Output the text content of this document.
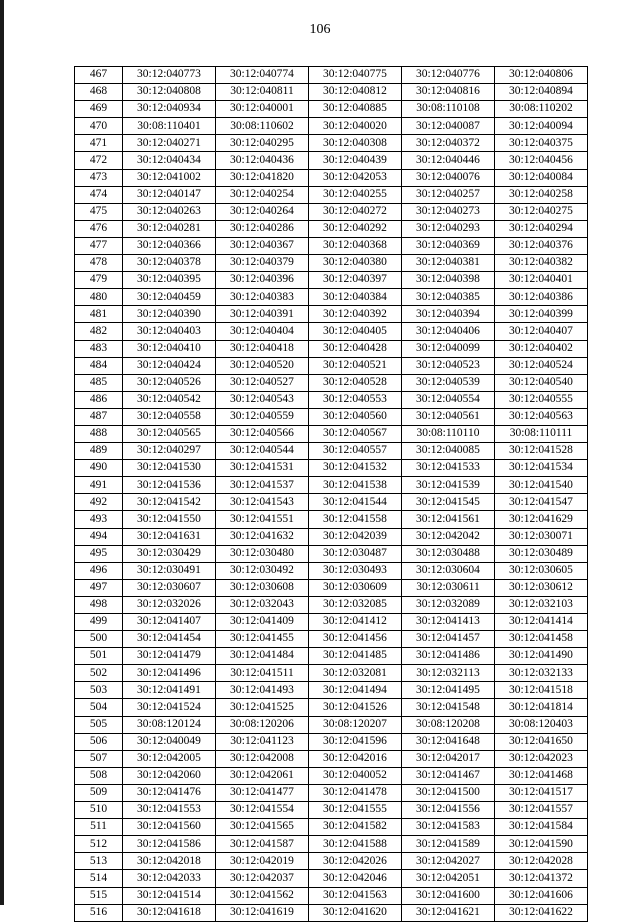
106
467	30:12:040773	30:12:040774	30:12:040775	30:12:040776	30:12:040806
468	30:12:040808	30:12:040811	30:12:040812	30:12:040816	30:12:040894
469	30:12:040934	30:12:040001	30:12:040885	30:08:110108	30:08:110202
470	30:08:110401	30:08:110602	30:12:040020	30:12:040087	30:12:040094
471	30:12:040271	30:12:040295	30:12:040308	30:12:040372	30:12:040375
472	30:12:040434	30:12:040436	30:12:040439	30:12:040446	30:12:040456
473	30:12:041002	30:12:041820	30:12:042053	30:12:040076	30:12:040084
474	30:12:040147	30:12:040254	30:12:040255	30:12:040257	30:12:040258
475	30:12:040263	30:12:040264	30:12:040272	30:12:040273	30:12:040275
476	30:12:040281	30:12:040286	30:12:040292	30:12:040293	30:12:040294
477	30:12:040366	30:12:040367	30:12:040368	30:12:040369	30:12:040376
478	30:12:040378	30:12:040379	30:12:040380	30:12:040381	30:12:040382
479	30:12:040395	30:12:040396	30:12:040397	30:12:040398	30:12:040401
480	30:12:040459	30:12:040383	30:12:040384	30:12:040385	30:12:040386
481	30:12:040390	30:12:040391	30:12:040392	30:12:040394	30:12:040399
482	30:12:040403	30:12:040404	30:12:040405	30:12:040406	30:12:040407
483	30:12:040410	30:12:040418	30:12:040428	30:12:040099	30:12:040402
484	30:12:040424	30:12:040520	30:12:040521	30:12:040523	30:12:040524
485	30:12:040526	30:12:040527	30:12:040528	30:12:040539	30:12:040540
486	30:12:040542	30:12:040543	30:12:040553	30:12:040554	30:12:040555
487	30:12:040558	30:12:040559	30:12:040560	30:12:040561	30:12:040563
488	30:12:040565	30:12:040566	30:12:040567	30:08:110110	30:08:110111
489	30:12:040297	30:12:040544	30:12:040557	30:12:040085	30:12:041528
490	30:12:041530	30:12:041531	30:12:041532	30:12:041533	30:12:041534
491	30:12:041536	30:12:041537	30:12:041538	30:12:041539	30:12:041540
492	30:12:041542	30:12:041543	30:12:041544	30:12:041545	30:12:041547
493	30:12:041550	30:12:041551	30:12:041558	30:12:041561	30:12:041629
494	30:12:041631	30:12:041632	30:12:042039	30:12:042042	30:12:030071
495	30:12:030429	30:12:030480	30:12:030487	30:12:030488	30:12:030489
496	30:12:030491	30:12:030492	30:12:030493	30:12:030604	30:12:030605
497	30:12:030607	30:12:030608	30:12:030609	30:12:030611	30:12:030612
498	30:12:032026	30:12:032043	30:12:032085	30:12:032089	30:12:032103
499	30:12:041407	30:12:041409	30:12:041412	30:12:041413	30:12:041414
500	30:12:041454	30:12:041455	30:12:041456	30:12:041457	30:12:041458
501	30:12:041479	30:12:041484	30:12:041485	30:12:041486	30:12:041490
502	30:12:041496	30:12:041511	30:12:032081	30:12:032113	30:12:032133
503	30:12:041491	30:12:041493	30:12:041494	30:12:041495	30:12:041518
504	30:12:041524	30:12:041525	30:12:041526	30:12:041548	30:12:041814
505	30:08:120124	30:08:120206	30:08:120207	30:08:120208	30:08:120403
506	30:12:040049	30:12:041123	30:12:041596	30:12:041648	30:12:041650
507	30:12:042005	30:12:042008	30:12:042016	30:12:042017	30:12:042023
508	30:12:042060	30:12:042061	30:12:040052	30:12:041467	30:12:041468
509	30:12:041476	30:12:041477	30:12:041478	30:12:041500	30:12:041517
510	30:12:041553	30:12:041554	30:12:041555	30:12:041556	30:12:041557
511	30:12:041560	30:12:041565	30:12:041582	30:12:041583	30:12:041584
512	30:12:041586	30:12:041587	30:12:041588	30:12:041589	30:12:041590
513	30:12:042018	30:12:042019	30:12:042026	30:12:042027	30:12:042028
514	30:12:042033	30:12:042037	30:12:042046	30:12:042051	30:12:041372
515	30:12:041514	30:12:041562	30:12:041563	30:12:041600	30:12:041606
516	30:12:041618	30:12:041619	30:12:041620	30:12:041621	30:12:041622
